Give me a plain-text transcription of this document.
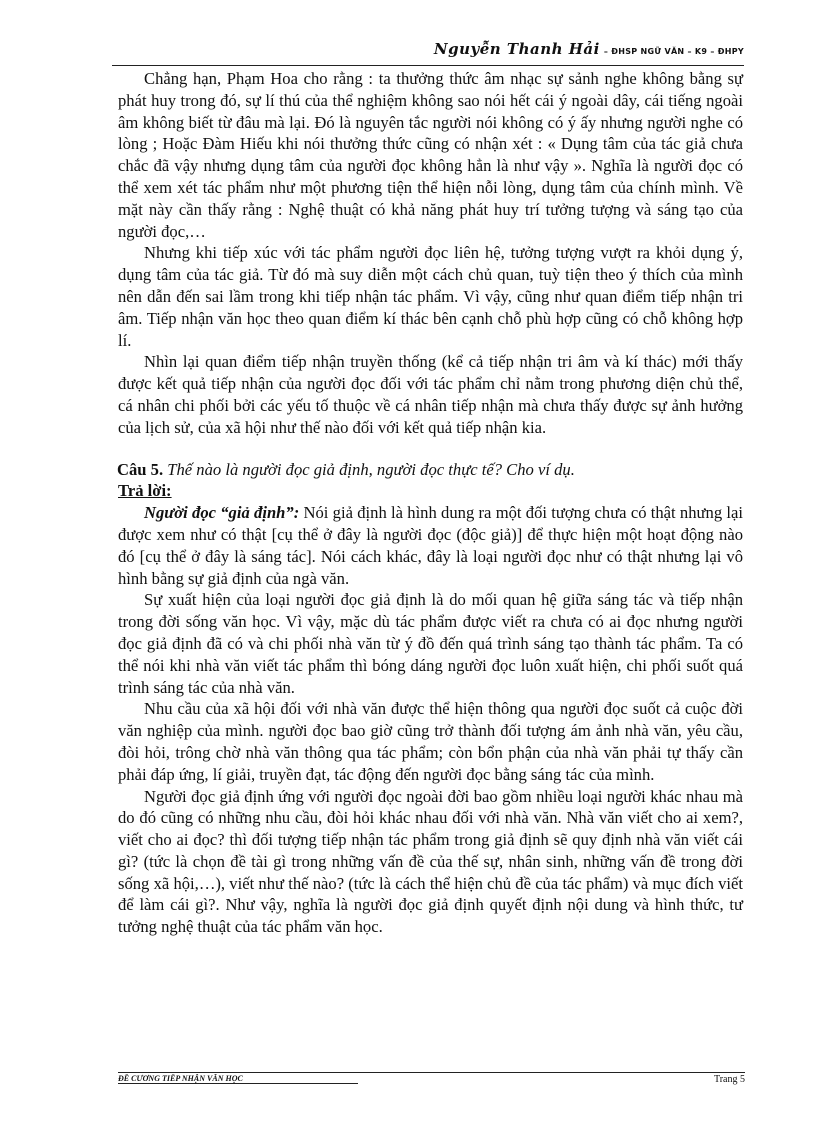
Nguyễn Thanh Hải – ĐHSP NGỮ VĂN – K9 – ĐHPY

Chẳng hạn, Phạm Hoa cho rằng : ta thưởng thức âm nhạc sự sảnh nghe không bằng sự phát huy trong đó, sự lí thú của thể nghiệm không sao nói hết cái ý ngoài dây, cái tiếng ngoài âm không biết từ đâu mà lại. Đó là nguyên tắc người nói không có ý ấy nhưng người nghe có lòng ; Hoặc Đàm Hiếu khi nói thưởng thức cũng có nhận xét : « Dụng tâm của tác giả chưa chắc đã vậy nhưng dụng tâm của người đọc không hẳn là như vậy ». Nghĩa là người đọc có thể xem xét tác phẩm như một phương tiện thể hiện nỗi lòng, dụng tâm của chính mình. Về mặt này cần thấy rằng : Nghệ thuật có khả năng phát huy trí tưởng tượng và sáng tạo của người đọc,…

Nhưng khi tiếp xúc với tác phẩm người đọc liên hệ, tưởng tượng vượt ra khỏi dụng ý, dụng tâm của tác giả. Từ đó mà suy diễn một cách chủ quan, tuỳ tiện theo ý thích của mình nên dẫn đến sai lầm trong khi tiếp nhận tác phẩm. Vì vậy, cũng như quan điểm tiếp nhận tri âm. Tiếp nhận văn học theo quan điểm kí thác bên cạnh chỗ phù hợp cũng có chỗ không hợp lí.

Nhìn lại quan điểm tiếp nhận truyền thống (kể cả tiếp nhận tri âm và kí thác) mới thấy được kết quả tiếp nhận của người đọc đối với tác phẩm chỉ nằm trong phương diện chủ thể, cá nhân chi phối bởi các yếu tố thuộc về cá nhân tiếp nhận mà chưa thấy được sự ảnh hưởng của lịch sử, của xã hội như thế nào đối với kết quả tiếp nhận kia.

Câu 5. Thế nào là người đọc giả định, người đọc thực tế? Cho ví dụ.

Trả lời:

Người đọc “giả định”: Nói giả định là hình dung ra một đối tượng chưa có thật nhưng lại được xem như có thật [cụ thể ở đây là người đọc (độc giả)] để thực hiện một hoạt động nào đó [cụ thể ở đây là sáng tác]. Nói cách khác, đây là loại người đọc như có thật nhưng lại vô hình bằng sự giả định của ngà văn.

Sự xuất hiện của loại người đọc giả định là do mối quan hệ giữa sáng tác và tiếp nhận trong đời sống văn học. Vì vậy, mặc dù tác phẩm được viết ra chưa có ai đọc nhưng người đọc giả định đã có và chi phối nhà văn từ ý đồ đến quá trình sáng tạo thành tác phẩm. Ta có thể nói khi nhà văn viết tác phẩm thì bóng dáng người đọc luôn xuất hiện, chi phối suốt quá trình sáng tác của nhà văn.

Nhu cầu của xã hội đối với nhà văn được thể hiện thông qua người đọc suốt cả cuộc đời văn nghiệp của mình. người đọc bao giờ cũng trở thành đối tượng ám ảnh nhà văn, yêu cầu, đòi hỏi, trông chờ nhà văn thông qua tác phẩm; còn bổn phận của nhà văn phải tự thấy cần phải đáp ứng, lí giải, truyền đạt, tác động đến người đọc bằng sáng tác của mình.

Người đọc giả định ứng với người đọc ngoài đời bao gồm nhiều loại người khác nhau mà do đó cũng có những nhu cầu, đòi hỏi khác nhau đối với nhà văn. Nhà văn viết cho ai xem?, viết cho ai đọc? thì đối tượng tiếp nhận tác phẩm trong giả định sẽ quy định nhà văn viết cái gì? (tức là chọn đề tài gì trong những vấn đề của thế sự, nhân sinh, những vấn đề trong đời sống xã hội,…), viết như thế nào? (tức là cách thể hiện chủ đề của tác phẩm) và mục đích viết để làm cái gì?. Như vậy, nghĩa là người đọc giả định quyết định nội dung và hình thức, tư tưởng nghệ thuật của tác phẩm văn học.

ĐỀ CƯƠNG TIẾP NHẬN VĂN HỌC	Trang 5
